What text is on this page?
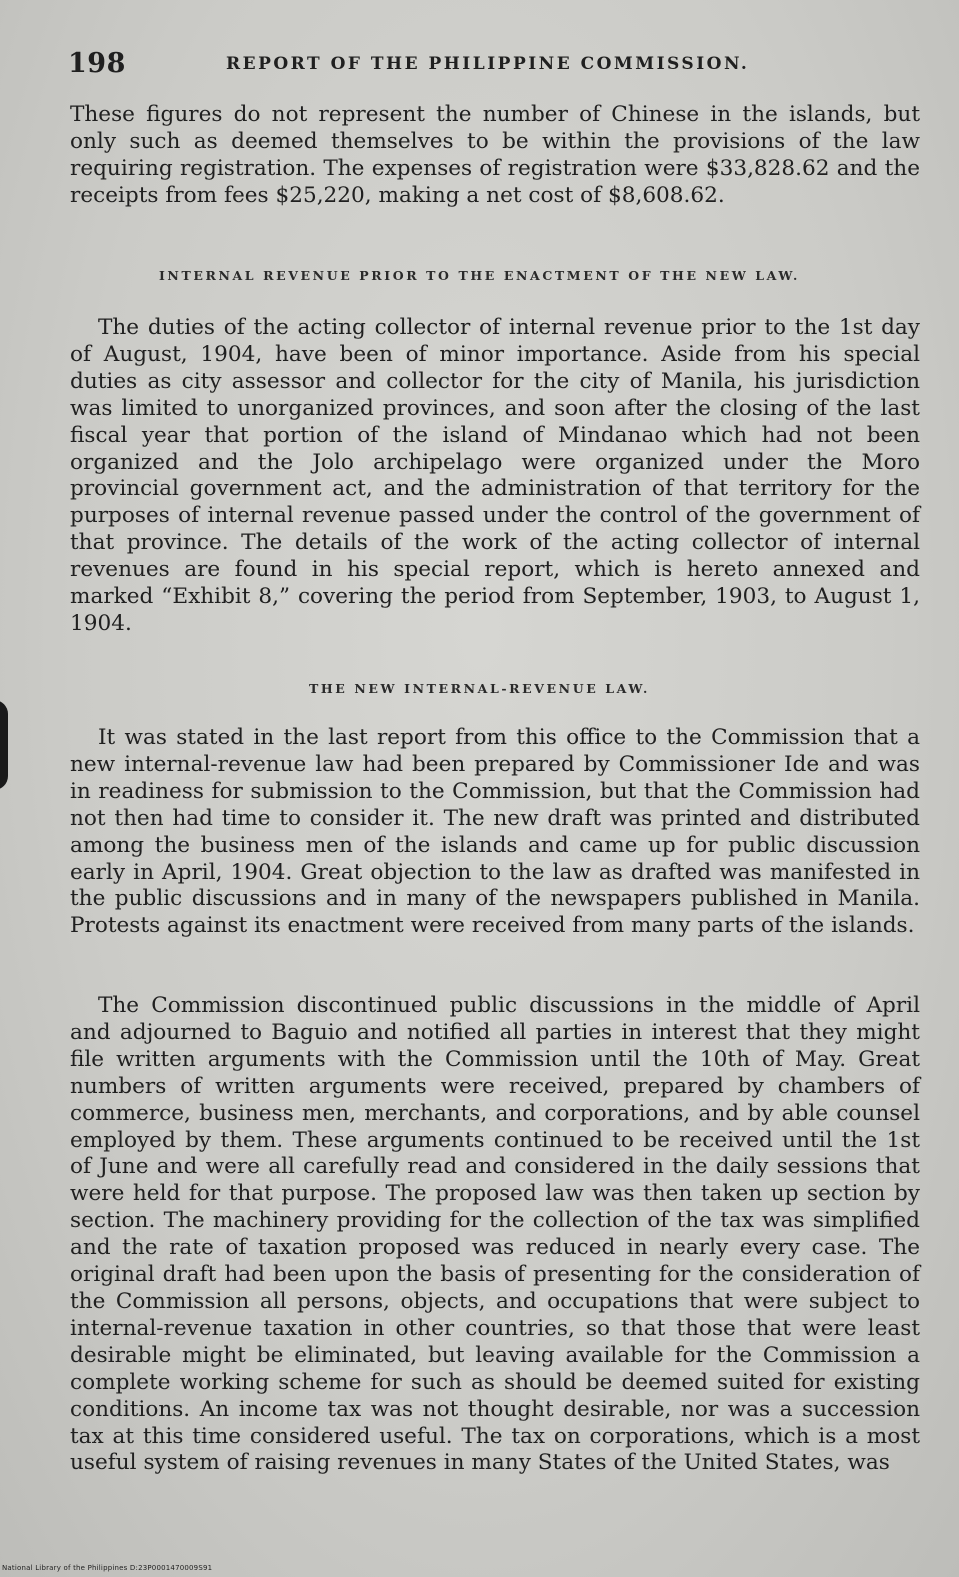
198	REPORT OF THE PHILIPPINE COMMISSION.

These figures do not represent the number of Chinese in the islands, but only such as deemed themselves to be within the provisions of the law requiring registration. The expenses of registration were $33,828.62 and the receipts from fees $25,220, making a net cost of $8,608.62.

INTERNAL REVENUE PRIOR TO THE ENACTMENT OF THE NEW LAW.

The duties of the acting collector of internal revenue prior to the 1st day of August, 1904, have been of minor importance. Aside from his special duties as city assessor and collector for the city of Manila, his jurisdiction was limited to unorganized provinces, and soon after the closing of the last fiscal year that portion of the island of Mindanao which had not been organized and the Jolo archipelago were organized under the Moro provincial government act, and the administration of that territory for the purposes of internal revenue passed under the control of the government of that province. The details of the work of the acting collector of internal revenues are found in his special report, which is hereto annexed and marked “Exhibit 8,” covering the period from September, 1903, to August 1, 1904.

THE NEW INTERNAL-REVENUE LAW.

It was stated in the last report from this office to the Commission that a new internal-revenue law had been prepared by Commissioner Ide and was in readiness for submission to the Commission, but that the Commission had not then had time to consider it. The new draft was printed and distributed among the business men of the islands and came up for public discussion early in April, 1904. Great objection to the law as drafted was manifested in the public discussions and in many of the newspapers published in Manila. Protests against its enactment were received from many parts of the islands.

The Commission discontinued public discussions in the middle of April and adjourned to Baguio and notified all parties in interest that they might file written arguments with the Commission until the 10th of May. Great numbers of written arguments were received, prepared by chambers of commerce, business men, merchants, and corporations, and by able counsel employed by them. These arguments continued to be received until the 1st of June and were all carefully read and considered in the daily sessions that were held for that purpose. The proposed law was then taken up section by section. The machinery providing for the collection of the tax was simplified and the rate of taxation proposed was reduced in nearly every case. The original draft had been upon the basis of presenting for the consideration of the Commission all persons, objects, and occupations that were subject to internal-revenue taxation in other countries, so that those that were least desirable might be eliminated, but leaving available for the Commission a complete working scheme for such as should be deemed suited for existing conditions. An income tax was not thought desirable, nor was a succession tax at this time considered useful. The tax on corporations, which is a most useful system of raising revenues in many States of the United States, was

National Library of the Philippines D:23P0001470009S91
